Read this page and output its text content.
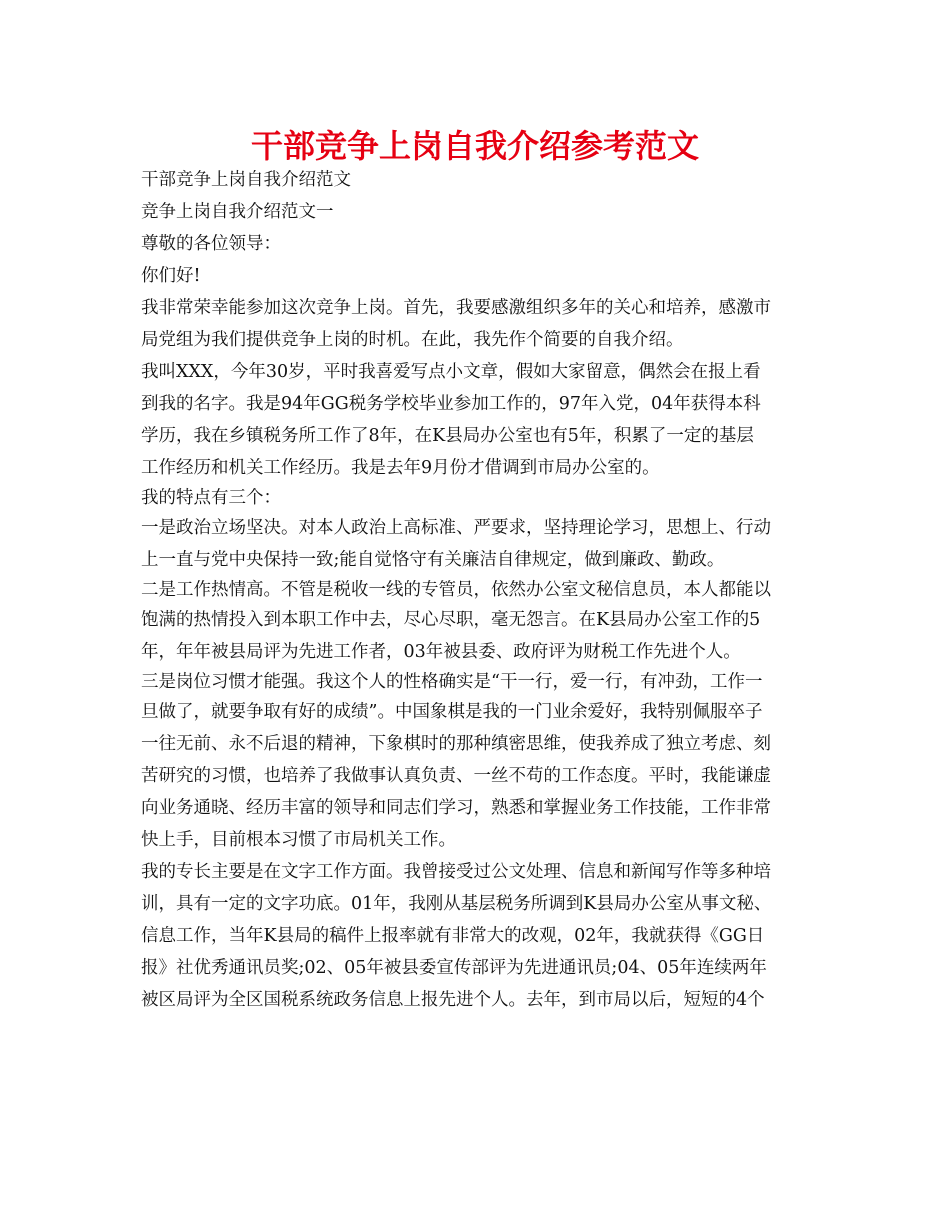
干部竞争上岗自我介绍参考范文
干部竞争上岗自我介绍范文
竞争上岗自我介绍范文一
尊敬的各位领导：
你们好!
我非常荣幸能参加这次竞争上岗。首先，我要感激组织多年的关心和培养，感激市
局党组为我们提供竞争上岗的时机。在此，我先作个简要的自我介绍。
我叫XXX，今年30岁，平时我喜爱写点小文章，假如大家留意，偶然会在报上看
到我的名字。我是94年GG税务学校毕业参加工作的，97年入党，04年获得本科
学历，我在乡镇税务所工作了8年，在K县局办公室也有5年，积累了一定的基层
工作经历和机关工作经历。我是去年9月份才借调到市局办公室的。
我的特点有三个：
一是政治立场坚决。对本人政治上高标准、严要求，坚持理论学习，思想上、行动
上一直与党中央保持一致;能自觉恪守有关廉洁自律规定，做到廉政、勤政。
二是工作热情高。不管是税收一线的专管员，依然办公室文秘信息员，本人都能以
饱满的热情投入到本职工作中去，尽心尽职，毫无怨言。在K县局办公室工作的5
年，年年被县局评为先进工作者，03年被县委、政府评为财税工作先进个人。
三是岗位习惯才能强。我这个人的性格确实是“干一行，爱一行，有冲劲，工作一
旦做了，就要争取有好的成绩”。中国象棋是我的一门业余爱好，我特别佩服卒子
一往无前、永不后退的精神，下象棋时的那种缜密思维，使我养成了独立考虑、刻
苦研究的习惯，也培养了我做事认真负责、一丝不苟的工作态度。平时，我能谦虚
向业务通晓、经历丰富的领导和同志们学习，熟悉和掌握业务工作技能，工作非常
快上手，目前根本习惯了市局机关工作。
我的专长主要是在文字工作方面。我曾接受过公文处理、信息和新闻写作等多种培
训，具有一定的文字功底。01年，我刚从基层税务所调到K县局办公室从事文秘、
信息工作，当年K县局的稿件上报率就有非常大的改观，02年，我就获得《GG日
报》社优秀通讯员奖;02、05年被县委宣传部评为先进通讯员;04、05年连续两年
被区局评为全区国税系统政务信息上报先进个人。去年，到市局以后，短短的4个
